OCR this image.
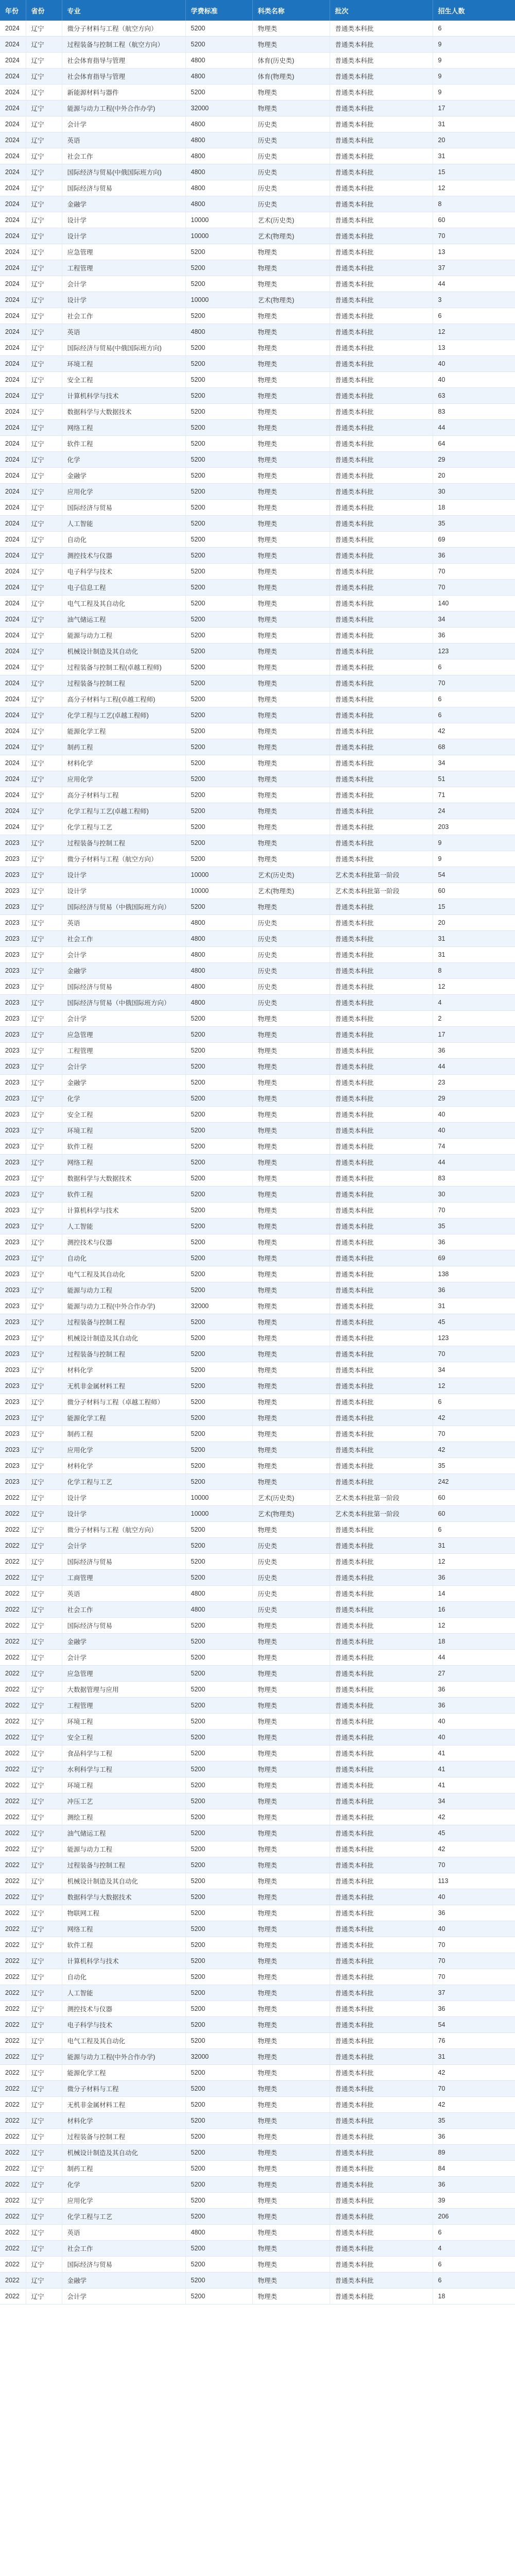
年份	省份	专业	学费标准	科类名称	批次	招生人数
2024	辽宁	微分子材料与工程（航空方向）	5200	物理类	普通类本科批	6
2024	辽宁	过程装备与控制工程（航空方向）	5200	物理类	普通类本科批	9
2024	辽宁	社会体育指导与管理	4800	体育(历史类)	普通类本科批	9
2024	辽宁	社会体育指导与管理	4800	体育(物理类)	普通类本科批	9
2024	辽宁	新能源材料与器件	5200	物理类	普通类本科批	9
2024	辽宁	能源与动力工程(中外合作办学)	32000	物理类	普通类本科批	17
2024	辽宁	会计学	4800	历史类	普通类本科批	31
2024	辽宁	英语	4800	历史类	普通类本科批	20
2024	辽宁	社会工作	4800	历史类	普通类本科批	31
2024	辽宁	国际经济与贸易(中俄国际班方向)	4800	历史类	普通类本科批	15
2024	辽宁	国际经济与贸易	4800	历史类	普通类本科批	12
2024	辽宁	金融学	4800	历史类	普通类本科批	8
2024	辽宁	设计学	10000	艺术(历史类)	普通类本科批	60
2024	辽宁	设计学	10000	艺术(物理类)	普通类本科批	70
2024	辽宁	应急管理	5200	物理类	普通类本科批	13
2024	辽宁	工程管理	5200	物理类	普通类本科批	37
2024	辽宁	会计学	5200	物理类	普通类本科批	44
2024	辽宁	设计学	10000	艺术(物理类)	普通类本科批	3
2024	辽宁	社会工作	5200	物理类	普通类本科批	6
2024	辽宁	英语	4800	物理类	普通类本科批	12
2024	辽宁	国际经济与贸易(中俄国际班方向)	5200	物理类	普通类本科批	13
2024	辽宁	环境工程	5200	物理类	普通类本科批	40
2024	辽宁	安全工程	5200	物理类	普通类本科批	40
2024	辽宁	计算机科学与技术	5200	物理类	普通类本科批	63
2024	辽宁	数据科学与大数据技术	5200	物理类	普通类本科批	83
2024	辽宁	网络工程	5200	物理类	普通类本科批	44
2024	辽宁	软件工程	5200	物理类	普通类本科批	64
2024	辽宁	化学	5200	物理类	普通类本科批	29
2024	辽宁	金融学	5200	物理类	普通类本科批	20
2024	辽宁	应用化学	5200	物理类	普通类本科批	30
2024	辽宁	国际经济与贸易	5200	物理类	普通类本科批	18
2024	辽宁	人工智能	5200	物理类	普通类本科批	35
2024	辽宁	自动化	5200	物理类	普通类本科批	69
2024	辽宁	测控技术与仪器	5200	物理类	普通类本科批	36
2024	辽宁	电子科学与技术	5200	物理类	普通类本科批	70
2024	辽宁	电子信息工程	5200	物理类	普通类本科批	70
2024	辽宁	电气工程及其自动化	5200	物理类	普通类本科批	140
2024	辽宁	油气储运工程	5200	物理类	普通类本科批	34
2024	辽宁	能源与动力工程	5200	物理类	普通类本科批	36
2024	辽宁	机械设计制造及其自动化	5200	物理类	普通类本科批	123
2024	辽宁	过程装备与控制工程(卓越工程师)	5200	物理类	普通类本科批	6
2024	辽宁	过程装备与控制工程	5200	物理类	普通类本科批	70
2024	辽宁	高分子材料与工程(卓越工程师)	5200	物理类	普通类本科批	6
2024	辽宁	化学工程与工艺(卓越工程师)	5200	物理类	普通类本科批	6
2024	辽宁	能源化学工程	5200	物理类	普通类本科批	42
2024	辽宁	制药工程	5200	物理类	普通类本科批	68
2024	辽宁	材料化学	5200	物理类	普通类本科批	34
2024	辽宁	应用化学	5200	物理类	普通类本科批	51
2024	辽宁	高分子材料与工程	5200	物理类	普通类本科批	71
2024	辽宁	化学工程与工艺(卓越工程师)	5200	物理类	普通类本科批	24
2024	辽宁	化学工程与工艺	5200	物理类	普通类本科批	203
2023	辽宁	过程装备与控制工程	5200	物理类	普通类本科批	9
2023	辽宁	微分子材料与工程（航空方向）	5200	物理类	普通类本科批	9
2023	辽宁	设计学	10000	艺术(历史类)	艺术类本科批第一阶段	54
2023	辽宁	设计学	10000	艺术(物理类)	艺术类本科批第一阶段	60
2023	辽宁	国际经济与贸易（中俄国际班方向）	5200	物理类	普通类本科批	15
2023	辽宁	英语	4800	历史类	普通类本科批	20
2023	辽宁	社会工作	4800	历史类	普通类本科批	31
2023	辽宁	会计学	4800	历史类	普通类本科批	31
2023	辽宁	金融学	4800	历史类	普通类本科批	8
2023	辽宁	国际经济与贸易	4800	历史类	普通类本科批	12
2023	辽宁	国际经济与贸易（中俄国际班方向）	4800	历史类	普通类本科批	4
2023	辽宁	会计学	5200	物理类	普通类本科批	2
2023	辽宁	应急管理	5200	物理类	普通类本科批	17
2023	辽宁	工程管理	5200	物理类	普通类本科批	36
2023	辽宁	会计学	5200	物理类	普通类本科批	44
2023	辽宁	金融学	5200	物理类	普通类本科批	23
2023	辽宁	化学	5200	物理类	普通类本科批	29
2023	辽宁	安全工程	5200	物理类	普通类本科批	40
2023	辽宁	环境工程	5200	物理类	普通类本科批	40
2023	辽宁	软件工程	5200	物理类	普通类本科批	74
2023	辽宁	网络工程	5200	物理类	普通类本科批	44
2023	辽宁	数据科学与大数据技术	5200	物理类	普通类本科批	83
2023	辽宁	软件工程	5200	物理类	普通类本科批	30
2023	辽宁	计算机科学与技术	5200	物理类	普通类本科批	70
2023	辽宁	人工智能	5200	物理类	普通类本科批	35
2023	辽宁	测控技术与仪器	5200	物理类	普通类本科批	36
2023	辽宁	自动化	5200	物理类	普通类本科批	69
2023	辽宁	电气工程及其自动化	5200	物理类	普通类本科批	138
2023	辽宁	能源与动力工程	5200	物理类	普通类本科批	36
2023	辽宁	能源与动力工程(中外合作办学)	32000	物理类	普通类本科批	31
2023	辽宁	过程装备与控制工程	5200	物理类	普通类本科批	45
2023	辽宁	机械设计制造及其自动化	5200	物理类	普通类本科批	123
2023	辽宁	过程装备与控制工程	5200	物理类	普通类本科批	70
2023	辽宁	材料化学	5200	物理类	普通类本科批	34
2023	辽宁	无机非金属材料工程	5200	物理类	普通类本科批	12
2023	辽宁	微分子材料与工程（卓越工程师）	5200	物理类	普通类本科批	6
2023	辽宁	能源化学工程	5200	物理类	普通类本科批	42
2023	辽宁	制药工程	5200	物理类	普通类本科批	70
2023	辽宁	应用化学	5200	物理类	普通类本科批	42
2023	辽宁	材料化学	5200	物理类	普通类本科批	35
2023	辽宁	化学工程与工艺	5200	物理类	普通类本科批	242
2022	辽宁	设计学	10000	艺术(历史类)	艺术类本科批第一阶段	60
2022	辽宁	设计学	10000	艺术(物理类)	艺术类本科批第一阶段	60
2022	辽宁	微分子材料与工程（航空方向）	5200	物理类	普通类本科批	6
2022	辽宁	会计学	5200	历史类	普通类本科批	31
2022	辽宁	国际经济与贸易	5200	历史类	普通类本科批	12
2022	辽宁	工商管理	5200	历史类	普通类本科批	36
2022	辽宁	英语	4800	历史类	普通类本科批	14
2022	辽宁	社会工作	4800	历史类	普通类本科批	16
2022	辽宁	国际经济与贸易	5200	物理类	普通类本科批	12
2022	辽宁	金融学	5200	物理类	普通类本科批	18
2022	辽宁	会计学	5200	物理类	普通类本科批	44
2022	辽宁	应急管理	5200	物理类	普通类本科批	27
2022	辽宁	大数据管理与应用	5200	物理类	普通类本科批	36
2022	辽宁	工程管理	5200	物理类	普通类本科批	36
2022	辽宁	环境工程	5200	物理类	普通类本科批	40
2022	辽宁	安全工程	5200	物理类	普通类本科批	40
2022	辽宁	食品科学与工程	5200	物理类	普通类本科批	41
2022	辽宁	水利科学与工程	5200	物理类	普通类本科批	41
2022	辽宁	环境工程	5200	物理类	普通类本科批	41
2022	辽宁	冲压工艺	5200	物理类	普通类本科批	34
2022	辽宁	测绘工程	5200	物理类	普通类本科批	42
2022	辽宁	油气储运工程	5200	物理类	普通类本科批	45
2022	辽宁	能源与动力工程	5200	物理类	普通类本科批	42
2022	辽宁	过程装备与控制工程	5200	物理类	普通类本科批	70
2022	辽宁	机械设计制造及其自动化	5200	物理类	普通类本科批	113
2022	辽宁	数据科学与大数据技术	5200	物理类	普通类本科批	40
2022	辽宁	物联网工程	5200	物理类	普通类本科批	36
2022	辽宁	网络工程	5200	物理类	普通类本科批	40
2022	辽宁	软件工程	5200	物理类	普通类本科批	70
2022	辽宁	计算机科学与技术	5200	物理类	普通类本科批	70
2022	辽宁	自动化	5200	物理类	普通类本科批	70
2022	辽宁	人工智能	5200	物理类	普通类本科批	37
2022	辽宁	测控技术与仪器	5200	物理类	普通类本科批	36
2022	辽宁	电子科学与技术	5200	物理类	普通类本科批	54
2022	辽宁	电气工程及其自动化	5200	物理类	普通类本科批	76
2022	辽宁	能源与动力工程(中外合作办学)	32000	物理类	普通类本科批	31
2022	辽宁	能源化学工程	5200	物理类	普通类本科批	42
2022	辽宁	微分子材料与工程	5200	物理类	普通类本科批	70
2022	辽宁	无机非金属材料工程	5200	物理类	普通类本科批	42
2022	辽宁	材料化学	5200	物理类	普通类本科批	35
2022	辽宁	过程装备与控制工程	5200	物理类	普通类本科批	36
2022	辽宁	机械设计制造及其自动化	5200	物理类	普通类本科批	89
2022	辽宁	制药工程	5200	物理类	普通类本科批	84
2022	辽宁	化学	5200	物理类	普通类本科批	36
2022	辽宁	应用化学	5200	物理类	普通类本科批	39
2022	辽宁	化学工程与工艺	5200	物理类	普通类本科批	206
2022	辽宁	英语	4800	物理类	普通类本科批	6
2022	辽宁	社会工作	5200	物理类	普通类本科批	4
2022	辽宁	国际经济与贸易	5200	物理类	普通类本科批	6
2022	辽宁	金融学	5200	物理类	普通类本科批	6
2022	辽宁	会计学	5200	物理类	普通类本科批	18
